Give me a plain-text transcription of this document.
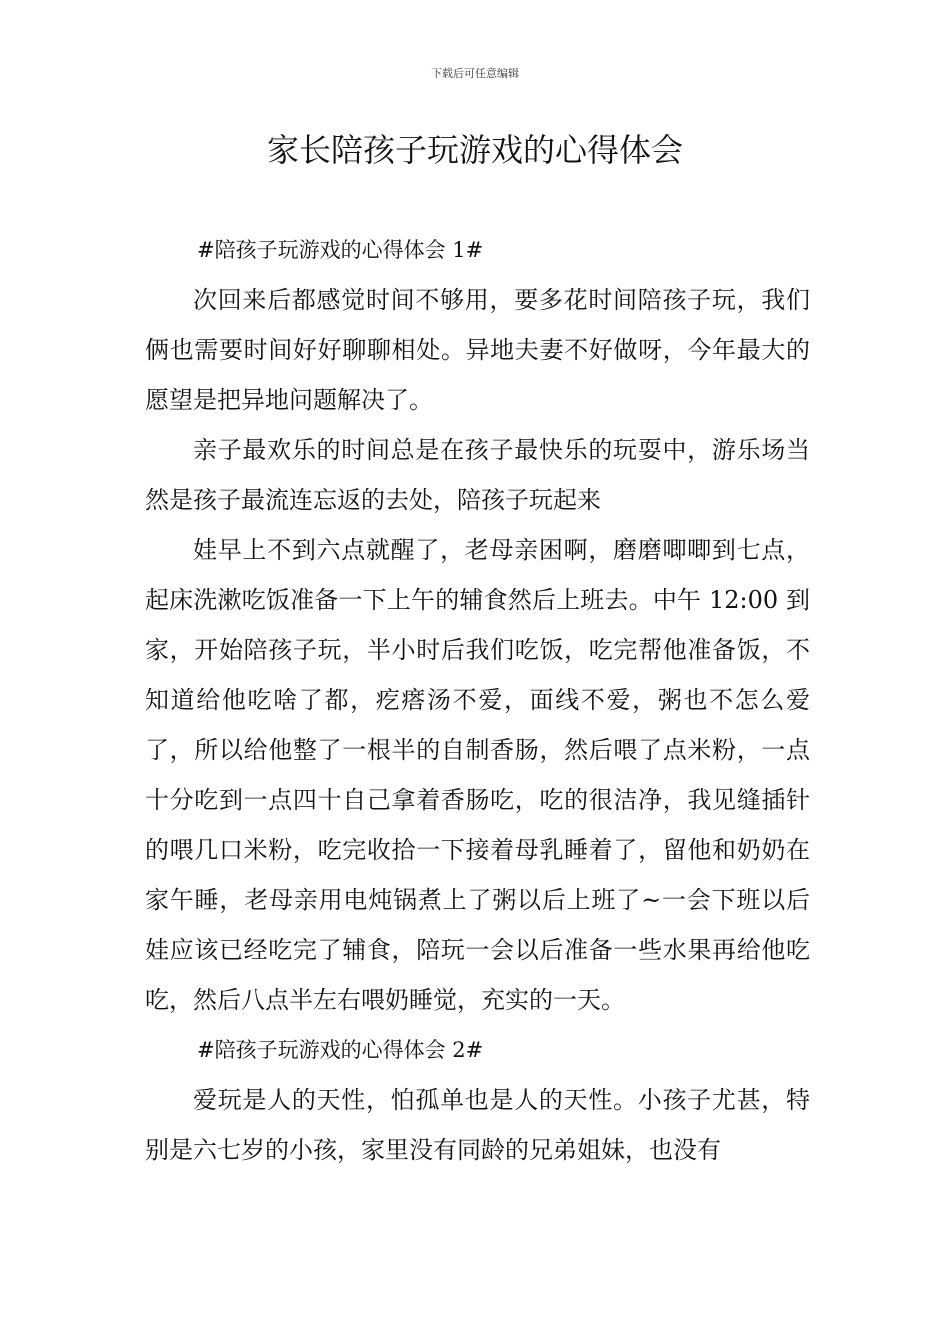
下载后可任意编辑
家长陪孩子玩游戏的心得体会
#陪孩子玩游戏的心得体会 1#

次回来后都感觉时间不够用，要多花时间陪孩子玩，我们俩也需要时间好好聊聊相处。异地夫妻不好做呀，今年最大的愿望是把异地问题解决了。

亲子最欢乐的时间总是在孩子最快乐的玩耍中，游乐场当然是孩子最流连忘返的去处，陪孩子玩起来

娃早上不到六点就醒了，老母亲困啊，磨磨唧唧到七点，起床洗漱吃饭准备一下上午的辅食然后上班去。中午 12:00 到家，开始陪孩子玩，半小时后我们吃饭，吃完帮他准备饭，不知道给他吃啥了都，疙瘩汤不爱，面线不爱，粥也不怎么爱了，所以给他整了一根半的自制香肠，然后喂了点米粉，一点十分吃到一点四十自己拿着香肠吃，吃的很洁净，我见缝插针的喂几口米粉，吃完收拾一下接着母乳睡着了，留他和奶奶在家午睡，老母亲用电炖锅煮上了粥以后上班了~一会下班以后娃应该已经吃完了辅食，陪玩一会以后准备一些水果再给他吃吃，然后八点半左右喂奶睡觉，充实的一天。

#陪孩子玩游戏的心得体会 2#

爱玩是人的天性，怕孤单也是人的天性。小孩子尤甚，特别是六七岁的小孩，家里没有同龄的兄弟姐妹，也没有
